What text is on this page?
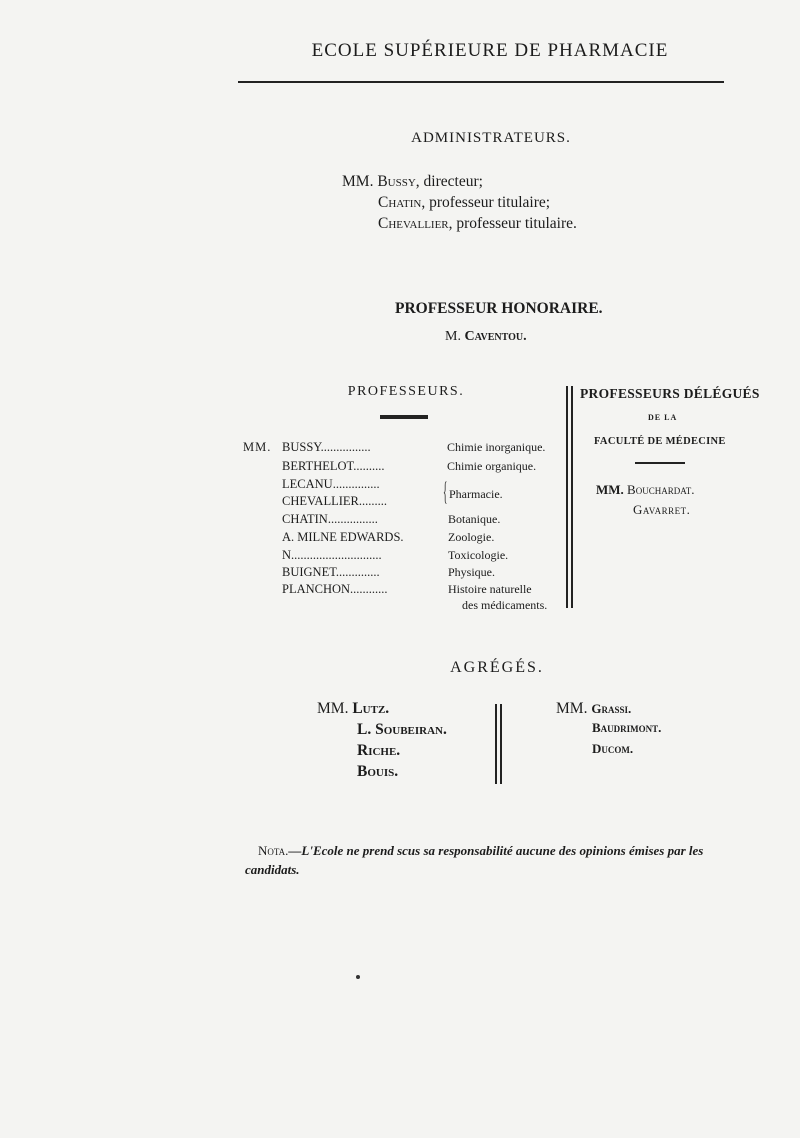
ECOLE SUPÉRIEURE DE PHARMACIE
ADMINISTRATEURS.
MM. Bussy, directeur;
Chatin, professeur titulaire;
Chevallier, professeur titulaire.
PROFESSEUR HONORAIRE.
M. Caventou.
PROFESSEURS.
MM. BUSSY................	Chimie inorganique.
BERTHELOT..........	Chimie organique.
LECANU...............
CHEVALLIER......... { Pharmacie.
CHATIN................	Botanique.
A. MILNE EDWARDS.	Zoologie.
N.............................	Toxicologie.
BUIGNET..............	Physique.
PLANCHON............	Histoire naturelle
des médicaments.
PROFESSEURS DÉLÉGUÉS
DE LA
FACULTÉ DE MÉDECINE
MM. Bouchardat.
Gavarret.
AGRÉGÉS.
MM. Lutz.
L. Soubeiran.
Riche.
Bouis.
MM. Grassi.
Baudrimont.
Ducom.
Nota.—L'Ecole ne prend scus sa responsabilité aucune des opinions émises par les
candidats.
